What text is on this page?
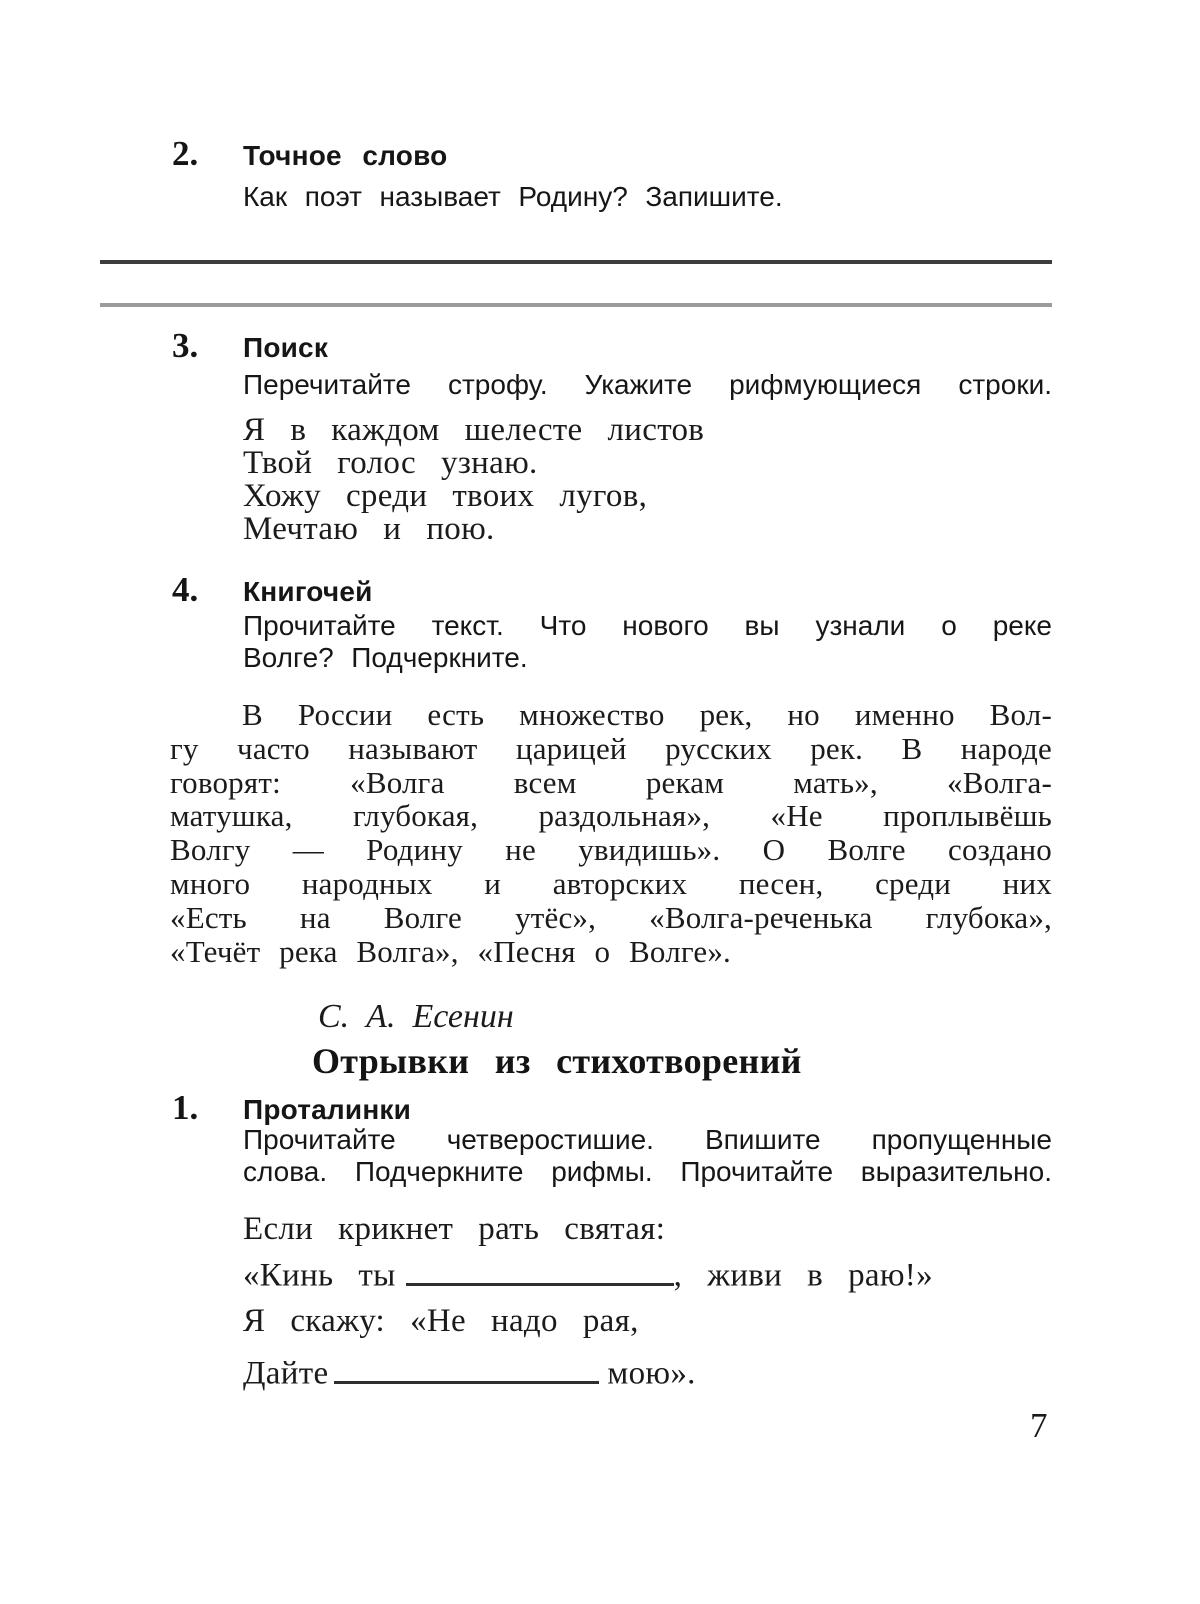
2.	Точное слово
Как поэт называет Родину? Запишите.
3.	Поиск
Перечитайте строфу. Укажите рифмующиеся строки.
Я в каждом шелесте листов
Твой голос узнаю.
Хожу среди твоих лугов,
Мечтаю и пою.
4.	Книгочей
Прочитайте текст. Что нового вы узнали о реке
Волге? Подчеркните.
В России есть множество рек, но именно Вол-
гу часто называют царицей русских рек. В народе
говорят: «Волга всем рекам мать», «Волга-
матушка, глубокая, раздольная», «Не проплывёшь
Волгу — Родину не увидишь». О Волге создано
много народных и авторских песен, среди них
«Есть на Волге утёс», «Волга-реченька глубока»,
«Течёт река Волга», «Песня о Волге».
С. А. Есенин
Отрывки из стихотворений
1.	Проталинки
Прочитайте четверостишие. Впишите пропущенные
слова. Подчеркните рифмы. Прочитайте выразительно.
Если крикнет рать святая:
«Кинь ты	, живи в раю!»
Я скажу: «Не надо рая,
Дайте	мою».
7
